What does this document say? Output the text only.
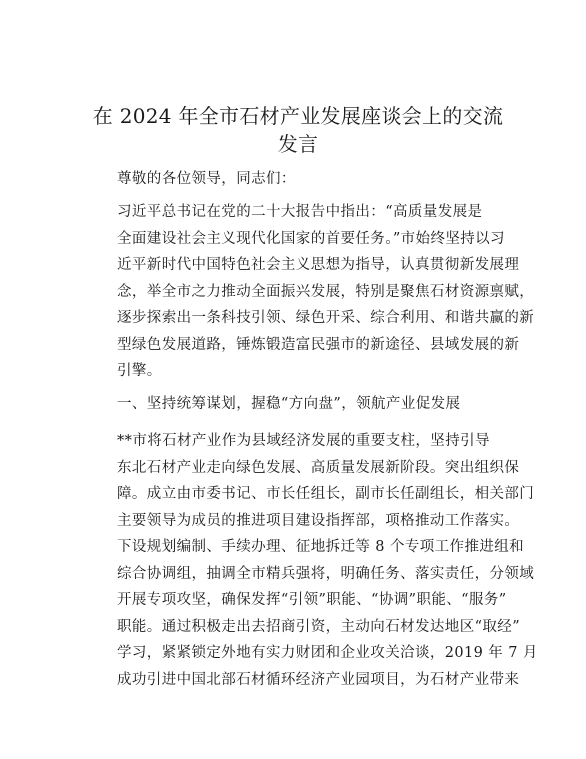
在 2024 年全市石材产业发展座谈会上的交流发言

尊敬的各位领导，同志们：

习近平总书记在党的二十大报告中指出：“高质量发展是
全面建设社会主义现代化国家的首要任务。”市始终坚持以习
近平新时代中国特色社会主义思想为指导，认真贯彻新发展理
念，举全市之力推动全面振兴发展，特别是聚焦石材资源禀赋，
逐步探索出一条科技引领、绿色开采、综合利用、和谐共赢的新
型绿色发展道路，锤炼锻造富民强市的新途径、县域发展的新
引擎。

一、坚持统筹谋划，握稳“方向盘”，领航产业促发展

**市将石材产业作为县域经济发展的重要支柱，坚持引导
东北石材产业走向绿色发展、高质量发展新阶段。突出组织保
障。成立由市委书记、市长任组长，副市长任副组长，相关部门
主要领导为成员的推进项目建设指挥部，项格推动工作落实。
下设规划编制、手续办理、征地拆迁等 8 个专项工作推进组和
综合协调组，抽调全市精兵强将，明确任务、落实责任，分领域
开展专项攻坚，确保发挥“引领”职能、“协调”职能、“服务”
职能。通过积极走出去招商引资，主动向石材发达地区“取经”
学习，紧紧锁定外地有实力财团和企业攻关洽谈，2019 年 7 月
成功引进中国北部石材循环经济产业园项目，为石材产业带来
